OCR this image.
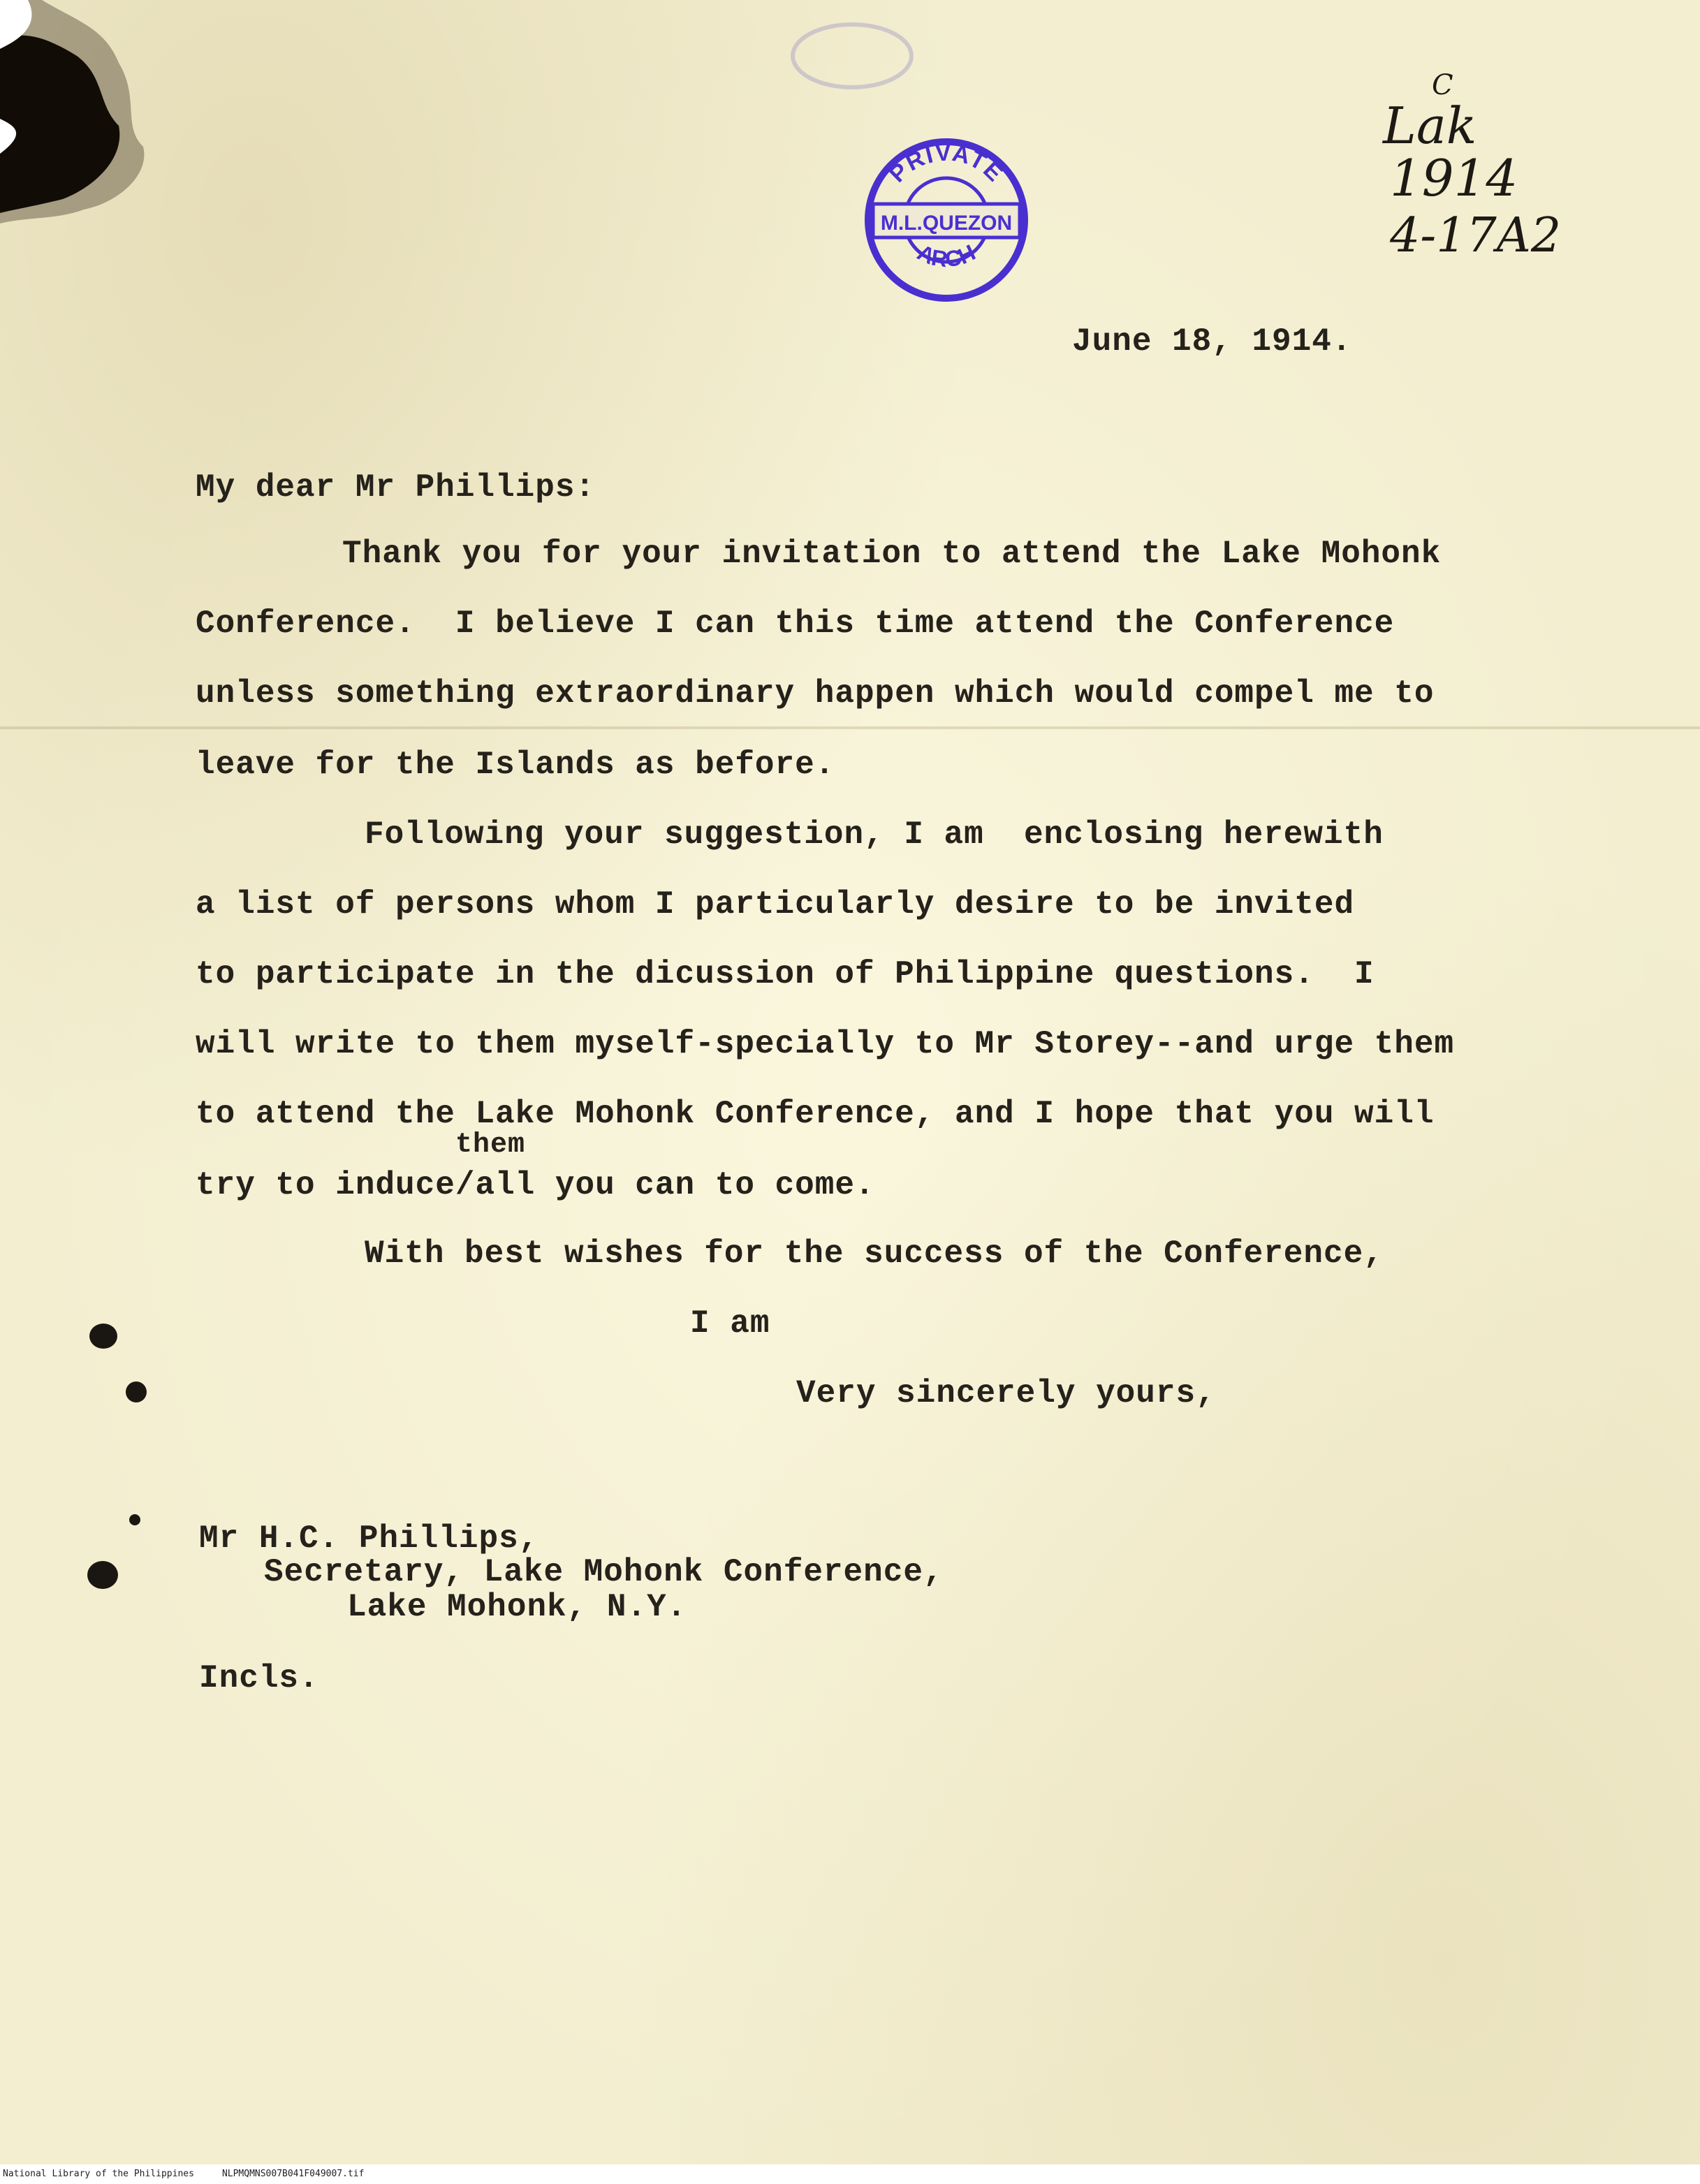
PRIVATE
M.L.QUEZON
ARCH
C
Lak
1914
4-17A2
June 18, 1914.
My dear Mr Phillips:
Thank you for your invitation to attend the Lake Mohonk
Conference.  I believe I can this time attend the Conference
unless something extraordinary happen which would compel me to
leave for the Islands as before.
Following your suggestion, I am  enclosing herewith
a list of persons whom I particularly desire to be invited
to participate in the dicussion of Philippine questions.  I
will write to them myself-specially to Mr Storey--and urge them
to attend the Lake Mohonk Conference, and I hope that you will
them
try to induce/all you can to come.
With best wishes for the success of the Conference,
I am
Very sincerely yours,
Mr H.C. Phillips,
Secretary, Lake Mohonk Conference,
Lake Mohonk, N.Y.
Incls.
National Library of the Philippines	NLPMQMNS007B041F049007.tif
